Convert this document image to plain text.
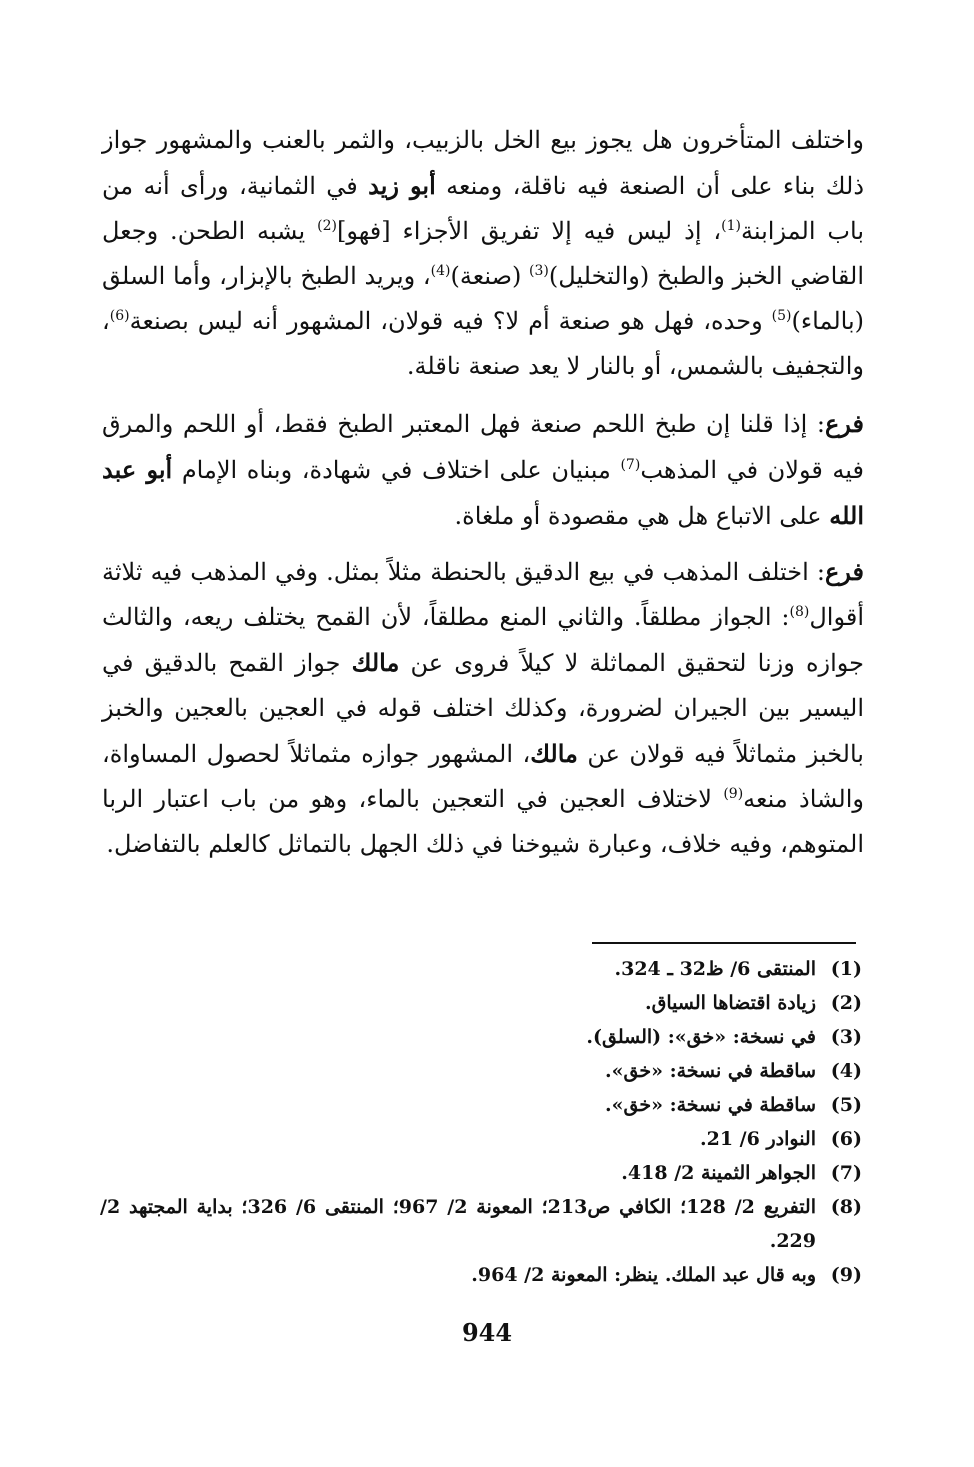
واختلف المتأخرون هل يجوز بيع الخل بالزبيب، والثمر بالعنب والمشهور جواز ذلك بناء على أن الصنعة فيه ناقلة، ومنعه أبو زيد في الثمانية، ورأى أنه من باب المزابنة$^{(1)}$، إذ ليس فيه إلا تفريق الأجزاء [فهو]$^{(2)}$ يشبه الطحن. وجعل القاضي الخبز والطبخ (والتخليل)$^{(3)}$ (صنعة)$^{(4)}$، ويريد الطبخ بالإبزار، وأما السلق (بالماء)$^{(5)}$ وحده، فهل هو صنعة أم لا؟ فيه قولان، المشهور أنه ليس بصنعة$^{(6)}$، والتجفيف بالشمس، أو بالنار لا يعد صنعة ناقلة.

فرع: إذا قلنا إن طبخ اللحم صنعة فهل المعتبر الطبخ فقط، أو اللحم والمرق فيه قولان في المذهب$^{(7)}$ مبنيان على اختلاف في شهادة، وبناه الإمام أبو عبد الله على الاتباع هل هي مقصودة أو ملغاة.

فرع: اختلف المذهب في بيع الدقيق بالحنطة مثلاً بمثل. وفي المذهب فيه ثلاثة أقوال$^{(8)}$: الجواز مطلقاً. والثاني المنع مطلقاً، لأن القمح يختلف ريعه، والثالث جوازه وزنا لتحقيق المماثلة لا كيلاً فروى عن مالك جواز القمح بالدقيق في اليسير بين الجيران لضرورة، وكذلك اختلف قوله في العجين بالعجين والخبز بالخبز مثماثلاً فيه قولان عن مالك، المشهور جوازه مثماثلاً لحصول المساواة، والشاذ منعه$^{(9)}$ لاختلاف العجين في التعجين بالماء، وهو من باب اعتبار الربا المتوهم، وفيه خلاف، وعبارة شيوخنا في ذلك الجهل بالتماثل كالعلم بالتفاضل.

(1)
المنتقى 6/ ظ32 ـ 324.
(2)
زيادة اقتضاها السياق.
(3)
في نسخة: «خق»: (السلق).
(4)
ساقطة في نسخة: «خق».
(5)
ساقطة في نسخة: «خق».
(6)
النوادر 6/ 21.
(7)
الجواهر الثمينة 2/ 418.
(8)
التفريع 2/ 128؛ الكافي ص213؛ المعونة 2/ 967؛ المنتقى 6/ 326؛ بداية المجتهد 2/ 229.
(9)
وبه قال عبد الملك. ينظر: المعونة 2/ 964.
944
